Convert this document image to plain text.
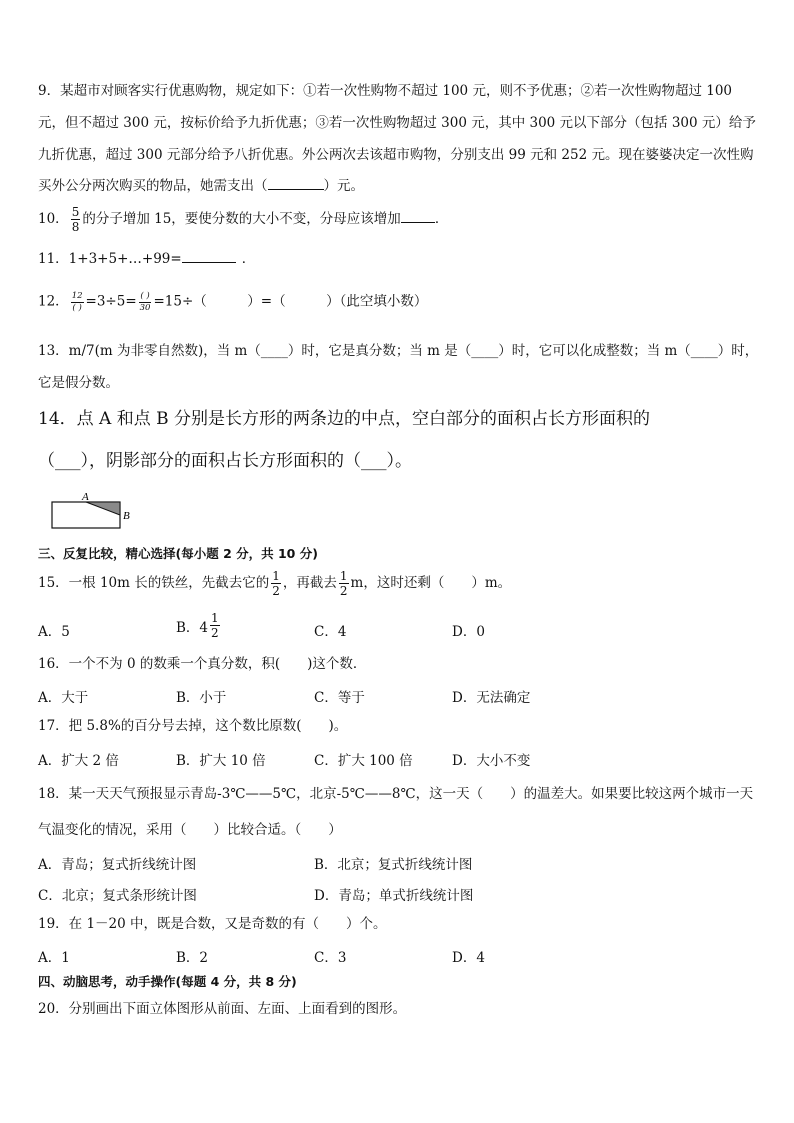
9．某超市对顾客实行优惠购物，规定如下：①若一次性购物不超过 100 元，则不予优惠；②若一次性购物超过 100
元，但不超过 300 元，按标价给予九折优惠；③若一次性购物超过 300 元，其中 300 元以下部分（包括 300 元）给予
九折优惠，超过 300 元部分给予八折优惠。外公两次去该超市购物，分别支出 99 元和 252 元。现在婆婆决定一次性购
买外公分两次购买的物品，她需支出（	）元。
10． $\frac{5}{8}$ 的分子增加 15，要使分数的大小不变，分母应该增加	．
11．1+3+5+…+99=	．
12． $\frac{12}{( )} =3\div 5= \frac{( )}{30} =15\div$（　　　）=（　　　）（此空填小数）
13．m/7(m 为非零自然数)，当 m（____）时，它是真分数；当 m 是（____）时，它可以化成整数；当 m（____）时，
它是假分数。
14．点 A 和点 B 分别是长方形的两条边的中点，空白部分的面积占长方形面积的
（___），阴影部分的面积占长方形面积的（___）。
A
B
三、反复比较，精心选择(每小题 2 分，共 10 分)
15．一根 10m 长的铁丝，先截去它的 $\frac{1}{2}$ ，再截去 $\frac{1}{2}$ m，这时还剩（　　）m。
A．5	B．$4 \frac{1}{2}$	C．4	D．0
16．一个不为 0 的数乘一个真分数，积(　　)这个数．
A．大于	B．小于	C．等于	D．无法确定
17．把 5.8%的百分号去掉，这个数比原数(　　)。
A．扩大 2 倍	B．扩大 10 倍	C．扩大 100 倍	D．大小不变
18．某一天天气预报显示青岛-3℃——5℃，北京-5℃——8℃，这一天（　　）的温差大。如果要比较这两个城市一天
气温变化的情况，采用（　　）比较合适。（　　）
A．青岛；复式折线统计图	B．北京；复式折线统计图
C．北京；复式条形统计图	D．青岛；单式折线统计图
19．在 1－20 中，既是合数，又是奇数的有（　　）个。
A．1	B．2	C．3	D．4
四、动脑思考，动手操作(每题 4 分，共 8 分)
20．分别画出下面立体图形从前面、左面、上面看到的图形。
